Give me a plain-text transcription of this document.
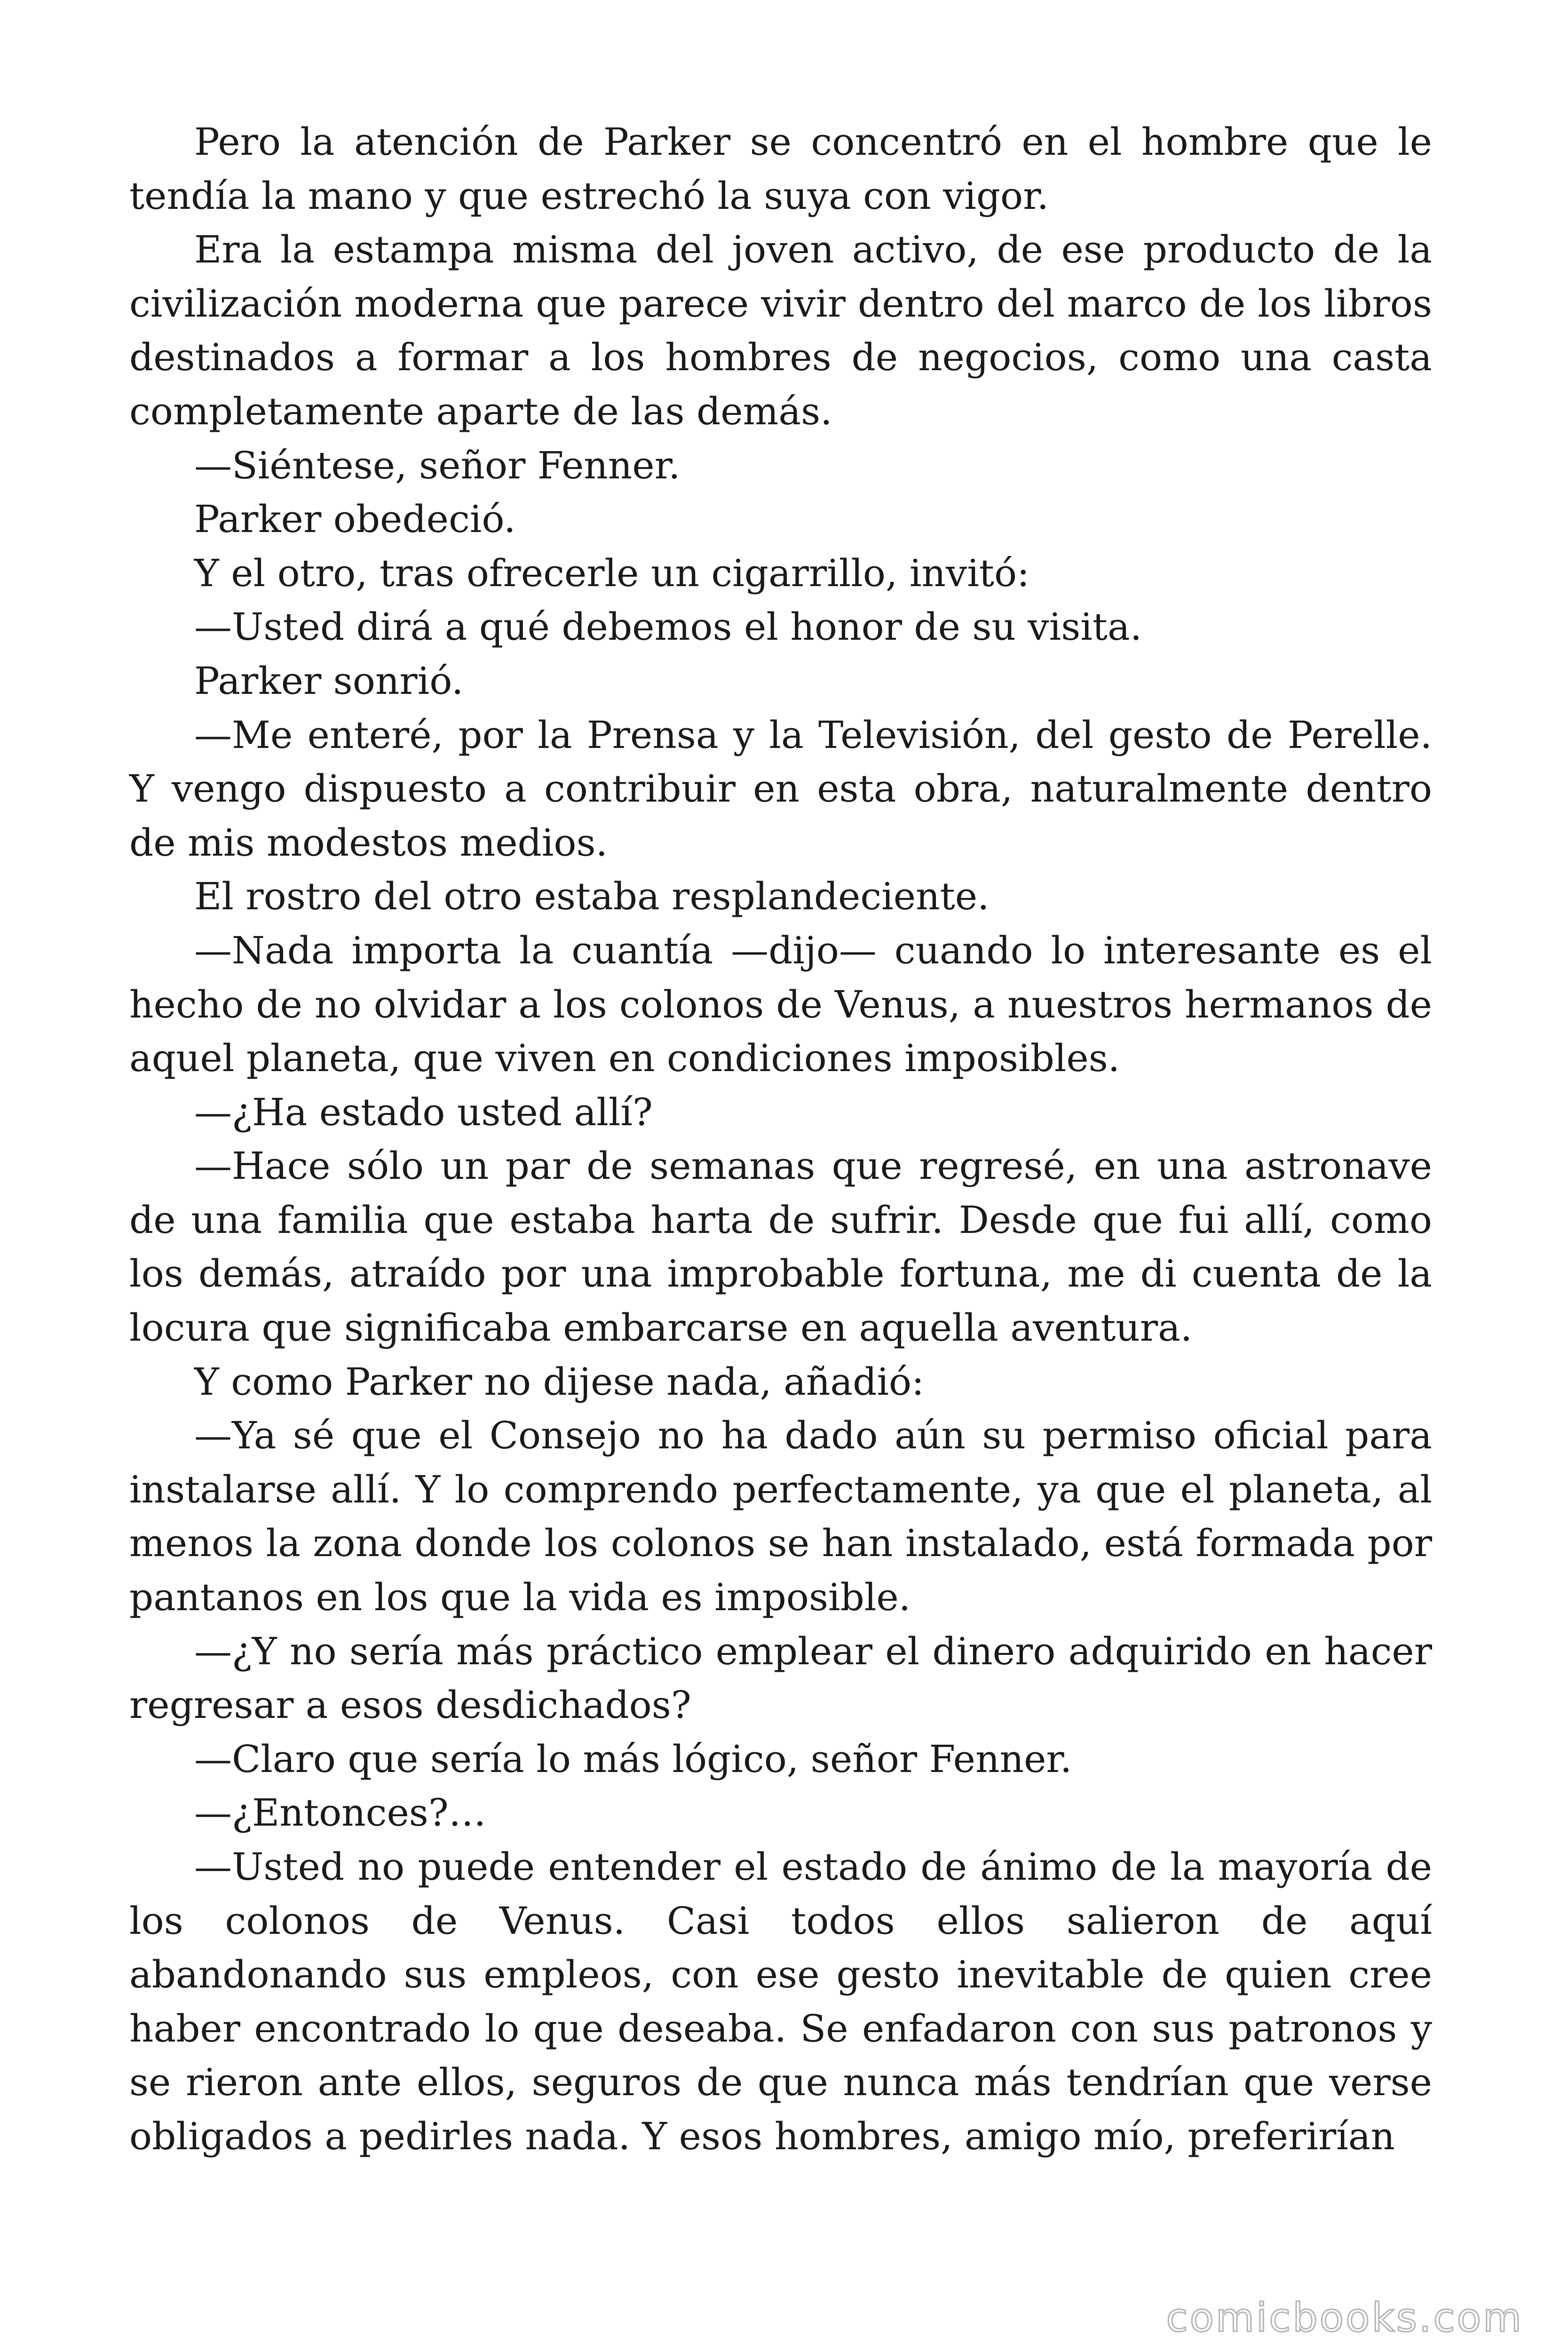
Pero la atención de Parker se concentró en el hombre que le tendía la mano y que estrechó la suya con vigor.

Era la estampa misma del joven activo, de ese producto de la civilización moderna que parece vivir dentro del marco de los libros destinados a formar a los hombres de negocios, como una casta completamente aparte de las demás.

—Siéntese, señor Fenner.

Parker obedeció.

Y el otro, tras ofrecerle un cigarrillo, invitó:

—Usted dirá a qué debemos el honor de su visita.

Parker sonrió.

—Me enteré, por la Prensa y la Televisión, del gesto de Perelle. Y vengo dispuesto a contribuir en esta obra, naturalmente dentro de mis modestos medios.

El rostro del otro estaba resplandeciente.

—Nada importa la cuantía —dijo— cuando lo interesante es el hecho de no olvidar a los colonos de Venus, a nuestros hermanos de aquel planeta, que viven en condiciones imposibles.

—¿Ha estado usted allí?

—Hace sólo un par de semanas que regresé, en una astronave de una familia que estaba harta de sufrir. Desde que fui allí, como los demás, atraído por una improbable fortuna, me di cuenta de la locura que significaba embarcarse en aquella aventura.

Y como Parker no dijese nada, añadió:

—Ya sé que el Consejo no ha dado aún su permiso oficial para instalarse allí. Y lo comprendo perfectamente, ya que el planeta, al menos la zona donde los colonos se han instalado, está formada por pantanos en los que la vida es imposible.

—¿Y no sería más práctico emplear el dinero adquirido en hacer regresar a esos desdichados?

—Claro que sería lo más lógico, señor Fenner.

—¿Entonces?…

—Usted no puede entender el estado de ánimo de la mayoría de los colonos de Venus. Casi todos ellos salieron de aquí abandonando sus empleos, con ese gesto inevitable de quien cree haber encontrado lo que deseaba. Se enfadaron con sus patronos y se rieron ante ellos, seguros de que nunca más tendrían que verse obligados a pedirles nada. Y esos hombres, amigo mío, preferirían

comicbooks.com
